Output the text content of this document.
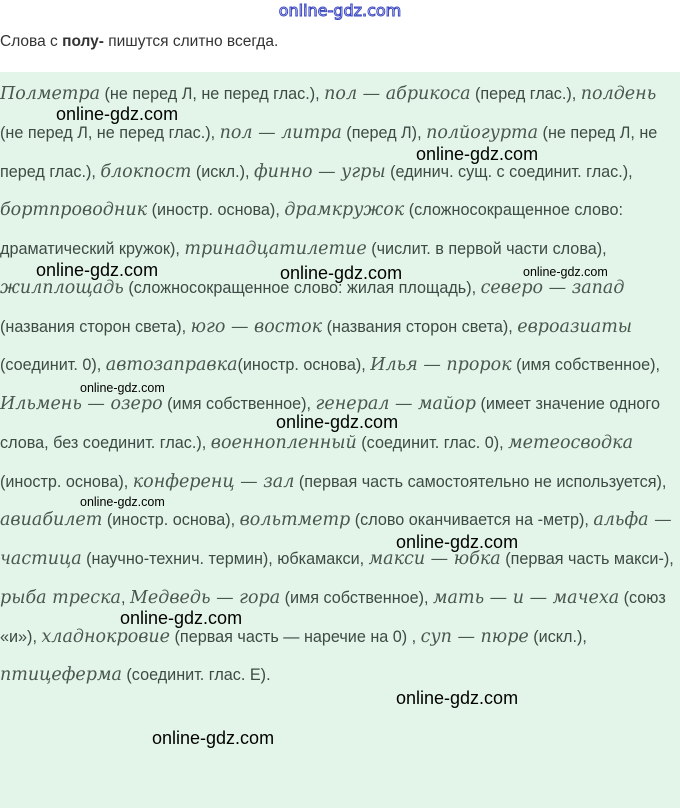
online-gdz.com
Слова с полу- пишутся слитно всегда.
Полметра (не перед Л, не перед глас.), пол — абрикоса (перед глас.), полдень (не перед Л, не перед глас.), пол — литра (перед Л), полйогурта (не перед Л, не перед глас.), блокпост (искл.), финно — угры (единич. сущ. с соединит. глас.), бортпроводник (иностр. основа), драмкружок (сложносокращенное слово: драматический кружок), тринадцатилетие (числит. в первой части слова), жилплощадь (сложносокращенное слово: жилая площадь), северо — запад (названия сторон света), юго — восток (названия сторон света), евроазиаты (соединит. 0), автозаправка(иностр. основа), Илья — пророк (имя собственное), Ильмень — озеро (имя собственное), генерал — майор (имеет значение одного слова, без соединит. глас.), военнопленный (соединит. глас. 0), метеосводка (иностр. основа), конференц — зал (первая часть самостоятельно не используется), авиабилет (иностр. основа), вольтметр (слово оканчивается на -метр), альфа — частица (научно-технич. термин), юбкамакси, макси — юбка (первая часть макси-), рыба треска, Медведь — гора (имя собственное), мать — и — мачеха (союз «и»), хладнокровие (первая часть — наречие на 0) , суп — пюре (искл.), птицеферма (соединит. глас. Е).
online-gdz.com
online-gdz.com
online-gdz.com	online-gdz.com	online-gdz.com
online-gdz.com
online-gdz.com
online-gdz.com
online-gdz.com
online-gdz.com
online-gdz.com
online-gdz.com
